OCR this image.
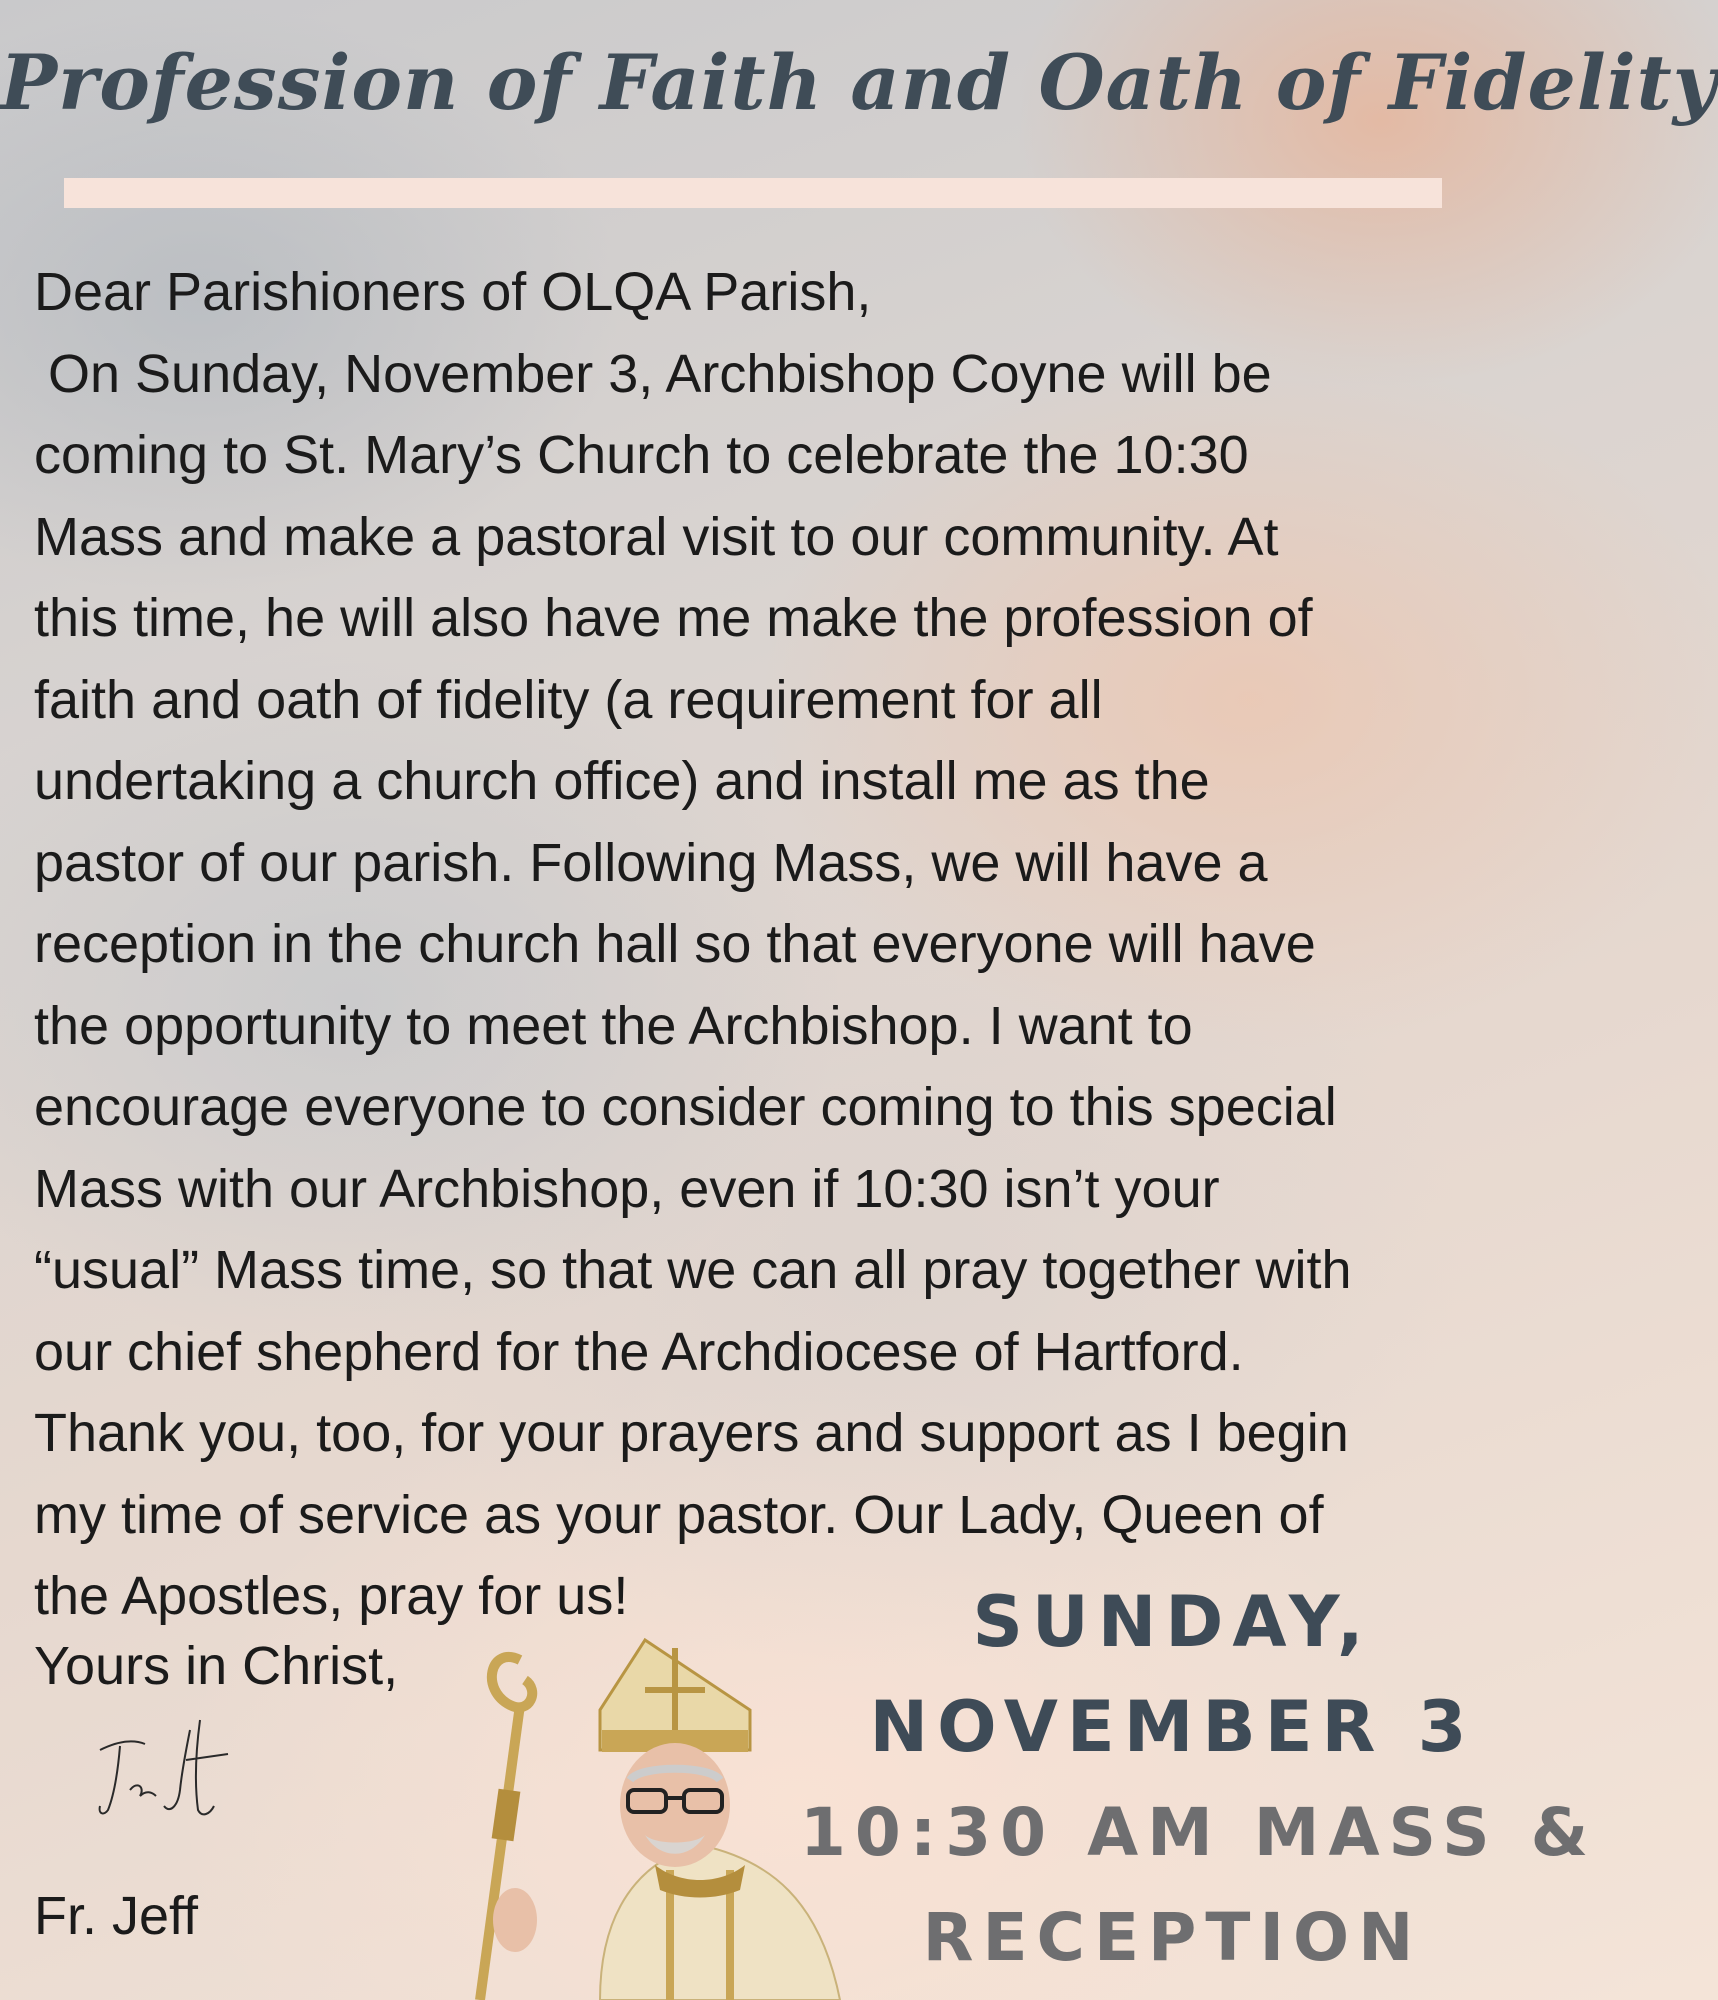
Profession of Faith and Oath of Fidelity

Dear Parishioners of OLQA Parish,

On Sunday, November 3, Archbishop Coyne will be

coming to St. Mary’s Church to celebrate the 10:30

Mass and make a pastoral visit to our community. At

this time, he will also have me make the profession of

faith and oath of fidelity (a requirement for all

undertaking a church office) and install me as the

pastor of our parish. Following Mass, we will have a

reception in the church hall so that everyone will have

the opportunity to meet the Archbishop. I want to

encourage everyone to consider coming to this special

Mass with our Archbishop, even if 10:30 isn’t your

“usual” Mass time, so that we can all pray together with

our chief shepherd for the Archdiocese of Hartford.

Thank you, too, for your prayers and support as I begin

my time of service as your pastor. Our Lady, Queen of

the Apostles, pray for us!

Yours in Christ,

Fr. Jeff

SUNDAY,
NOVEMBER 3
10:30 AM MASS &
RECEPTION
